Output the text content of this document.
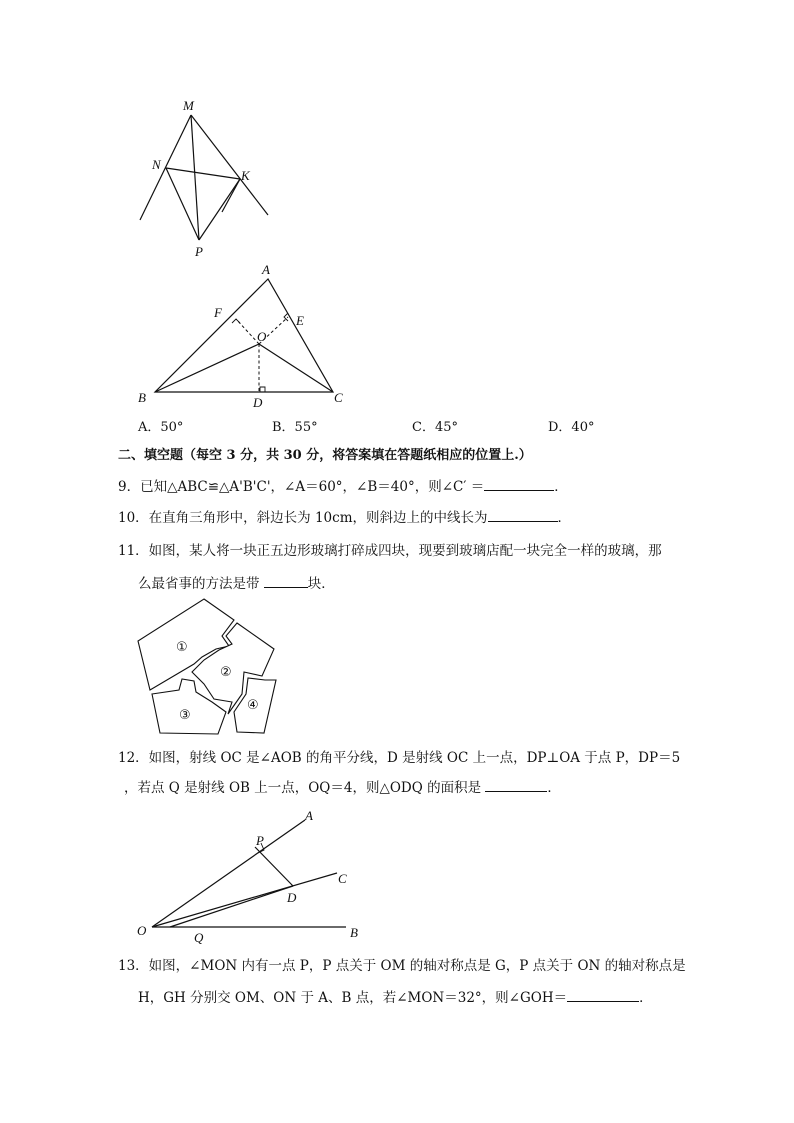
M
N
K
P
A
F
E
O
B	D	C
A．50°	B．55°	C．45°	D．40°
二、填空题（每空 3 分，共 30 分，将答案填在答题纸相应的位置上.）
9．已知△ABC≌△A'B'C'，∠A＝60°，∠B＝40°，则∠C′ ＝	．
10．在直角三角形中，斜边长为 10cm，则斜边上的中线长为	．
11．如图，某人将一块正五边形玻璃打碎成四块，现要到玻璃店配一块完全一样的玻璃，那
么最省事的方法是带	块．
①
②
③
④
12．如图，射线 OC 是∠AOB 的角平分线，D 是射线 OC 上一点，DP⊥OA 于点 P，DP＝5
，若点 Q 是射线 OB 上一点，OQ＝4，则△ODQ 的面积是	．
A
P
C
D
O	Q	B
13．如图，∠MON 内有一点 P，P 点关于 OM 的轴对称点是 G，P 点关于 ON 的轴对称点是
H，GH 分别交 OM、ON 于 A、B 点，若∠MON＝32°，则∠GOH＝	．
